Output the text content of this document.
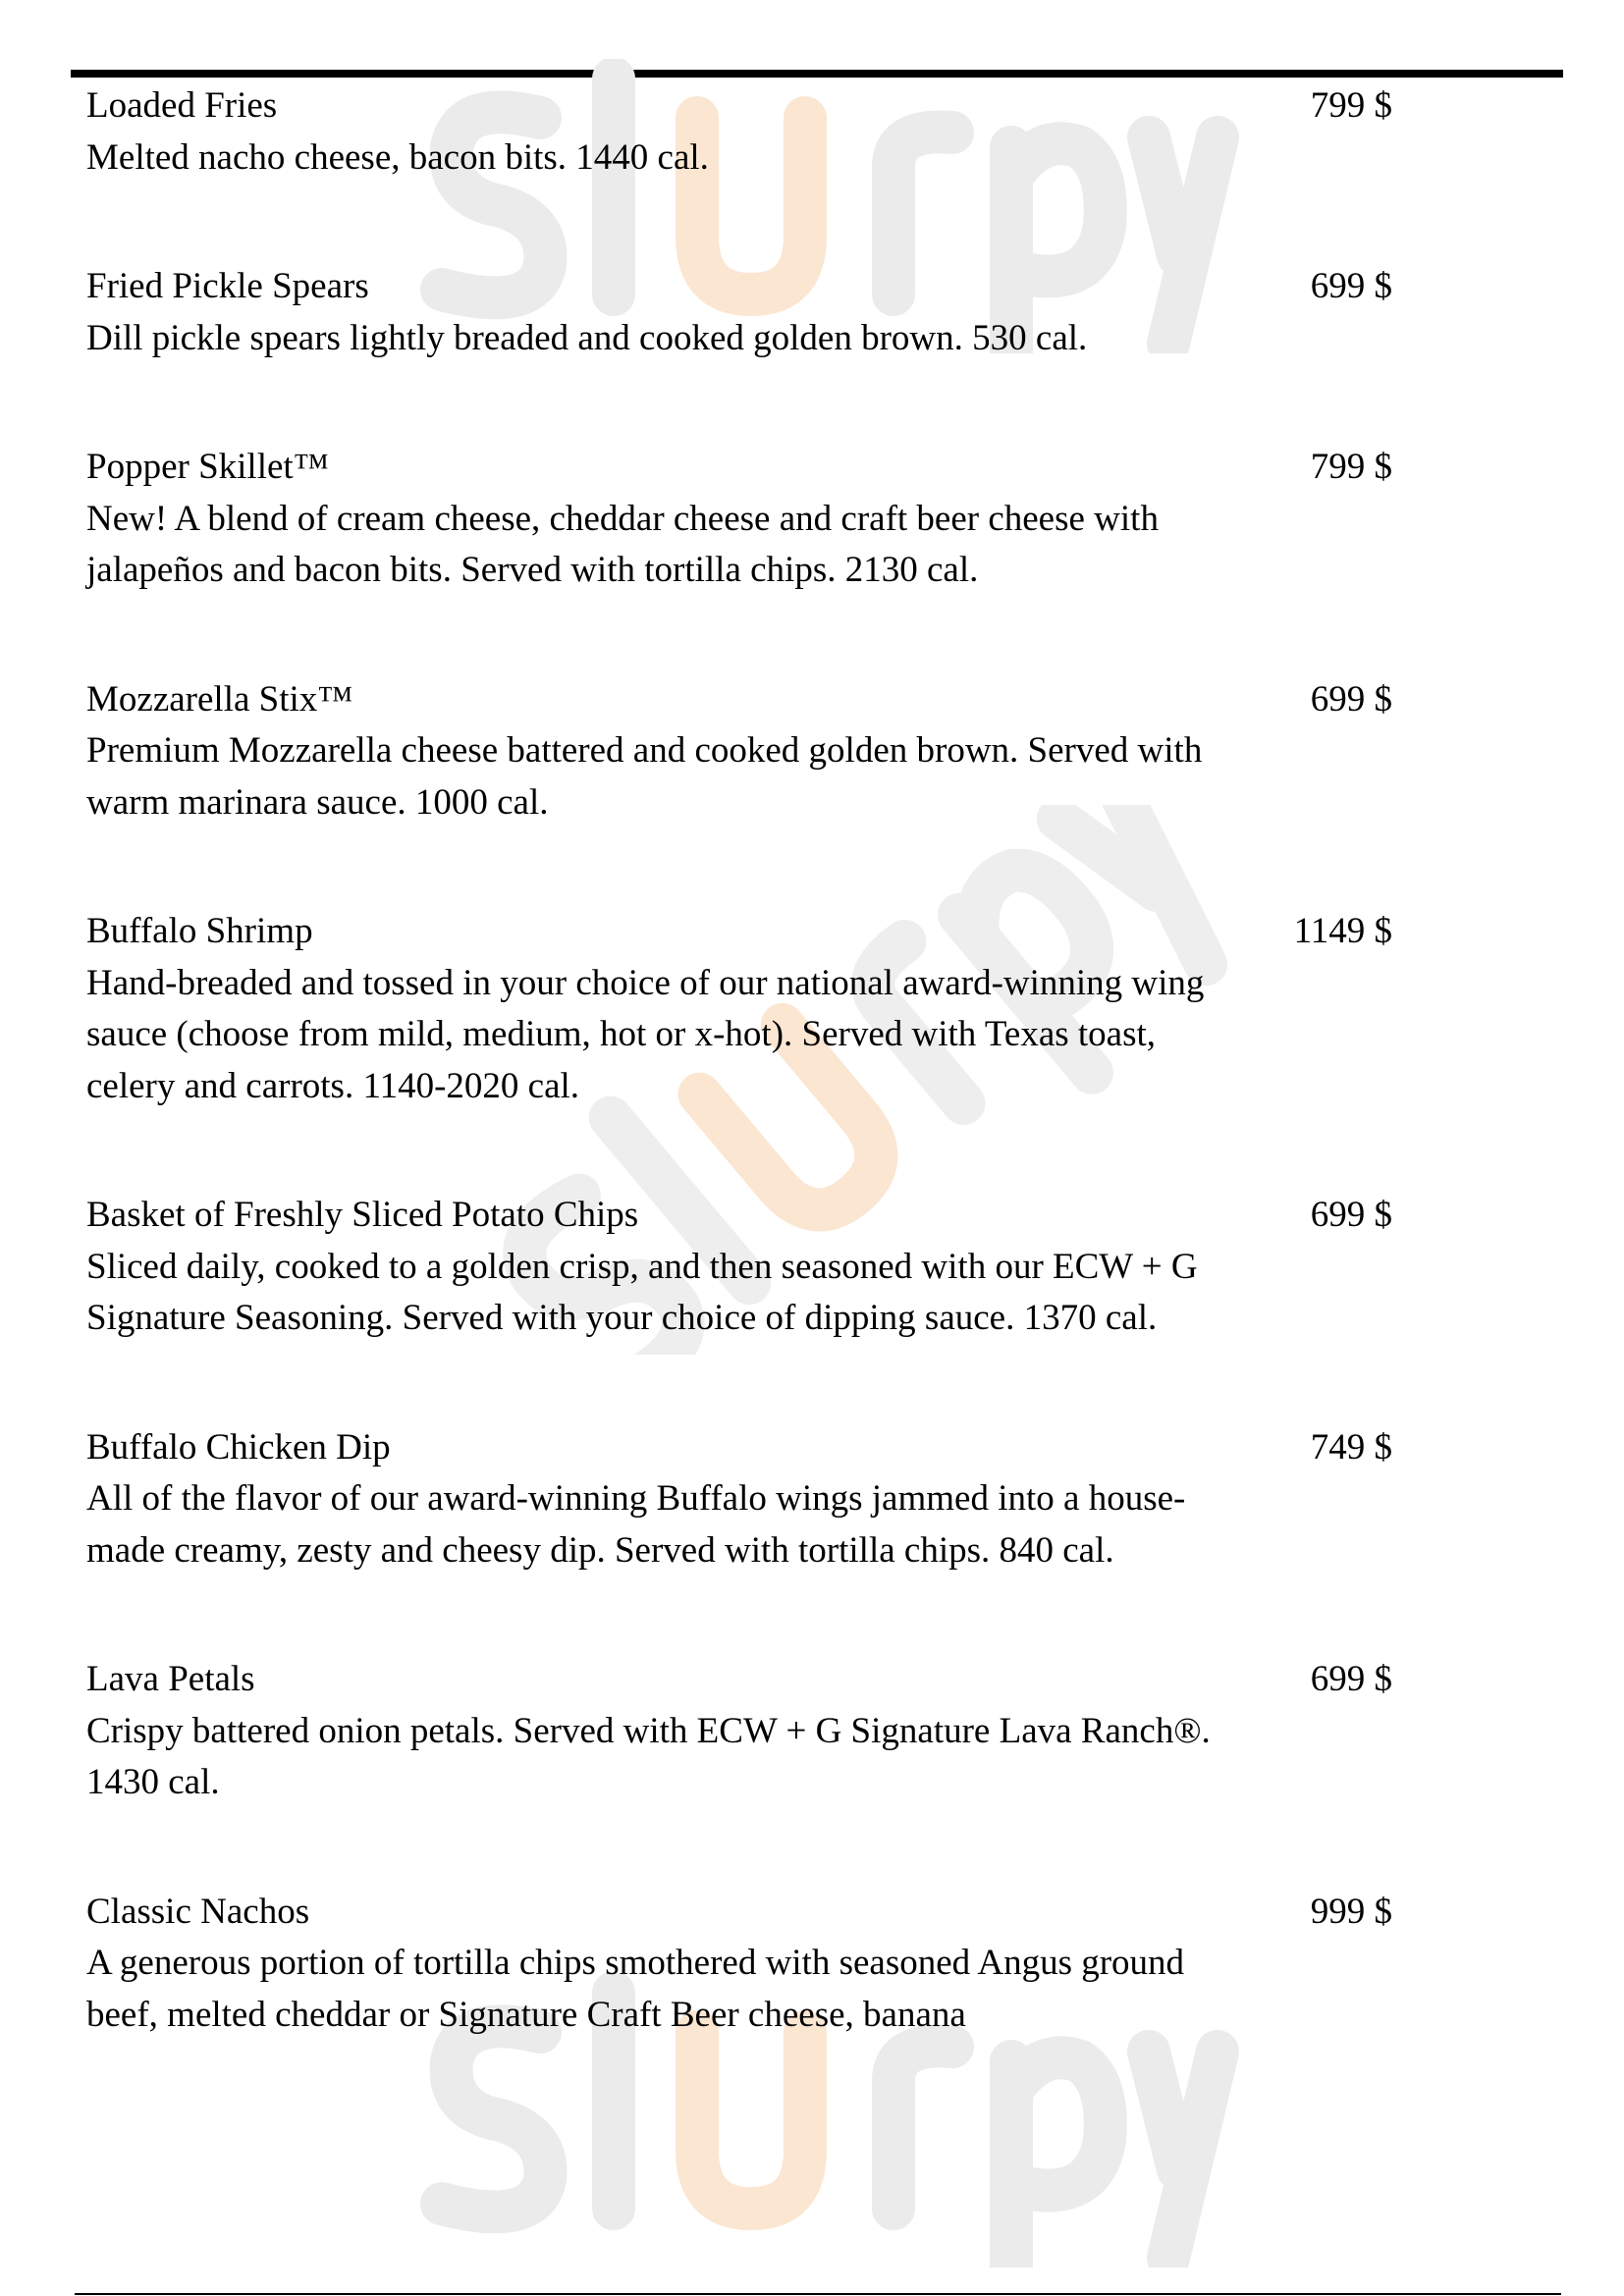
Loaded Fries	799 $
Melted nacho cheese, bacon bits. 1440 cal.
Fried Pickle Spears	699 $
Dill pickle spears lightly breaded and cooked golden brown. 530 cal.
Popper Skillet™	799 $
New! A blend of cream cheese, cheddar cheese and craft beer cheese with jalapeños and bacon bits. Served with tortilla chips. 2130 cal.
Mozzarella Stix™	699 $
Premium Mozzarella cheese battered and cooked golden brown. Served with warm marinara sauce. 1000 cal.
Buffalo Shrimp	1149 $
Hand-breaded and tossed in your choice of our national award-winning wing sauce (choose from mild, medium, hot or x-hot). Served with Texas toast, celery and carrots. 1140-2020 cal.
Basket of Freshly Sliced Potato Chips	699 $
Sliced daily, cooked to a golden crisp, and then seasoned with our ECW + G Signature Seasoning. Served with your choice of dipping sauce. 1370 cal.
Buffalo Chicken Dip	749 $
All of the flavor of our award-winning Buffalo wings jammed into a house-made creamy, zesty and cheesy dip. Served with tortilla chips. 840 cal.
Lava Petals	699 $
Crispy battered onion petals. Served with ECW + G Signature Lava Ranch®. 1430 cal.
Classic Nachos	999 $
A generous portion of tortilla chips smothered with seasoned Angus ground beef, melted cheddar or Signature Craft Beer cheese, banana
